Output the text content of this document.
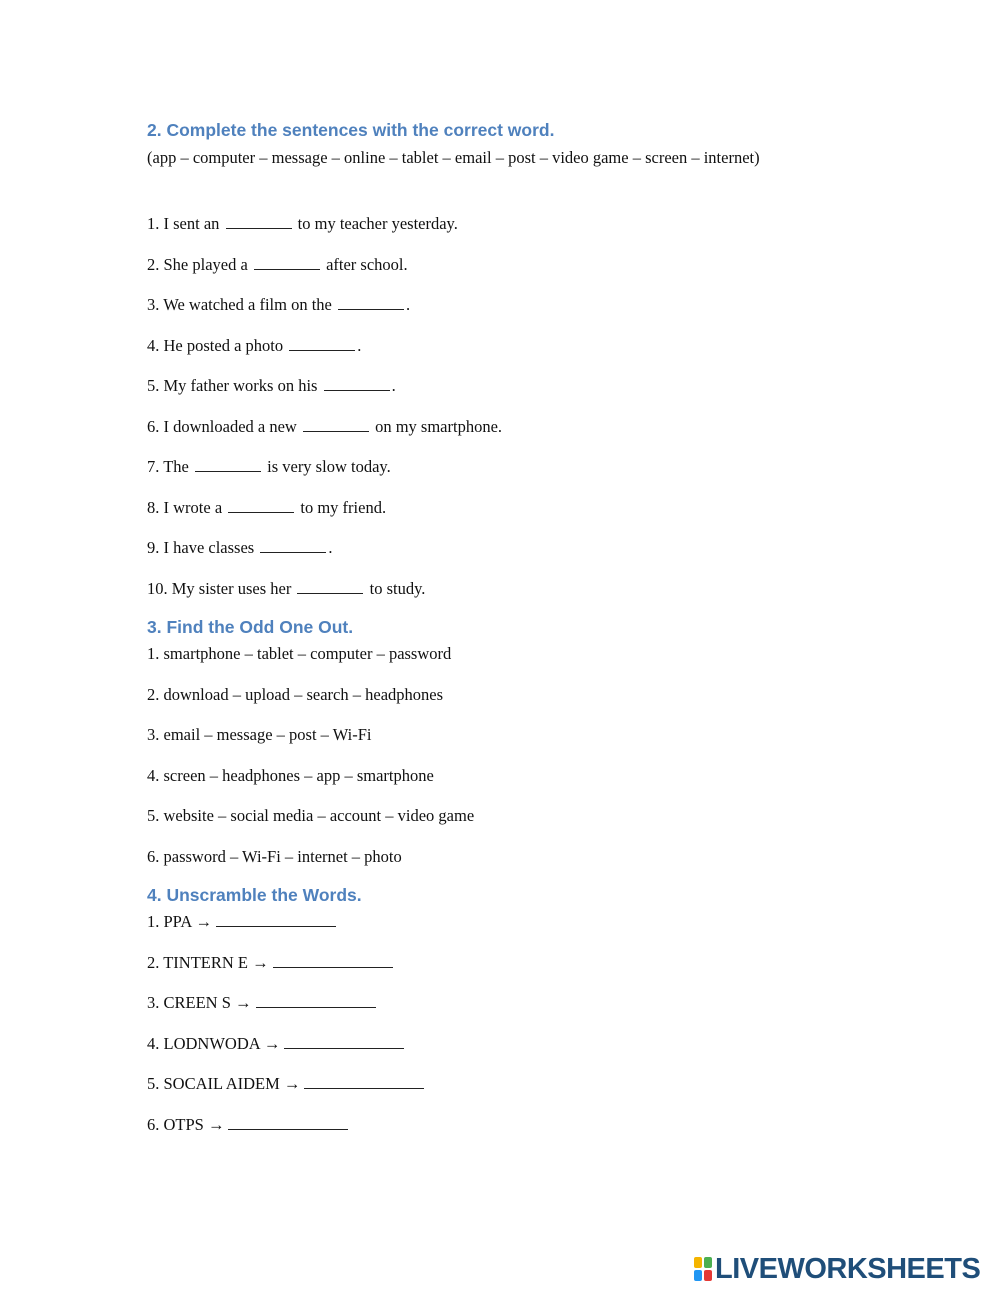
2. Complete the sentences with the correct word.
(app – computer – message – online – tablet – email – post – video game – screen – internet)
1. I sent an	to my teacher yesterday.
2. She played a	after school.
3. We watched a film on the	.
4. He posted a photo	.
5. My father works on his	.
6. I downloaded a new	on my smartphone.
7. The	is very slow today.
8. I wrote a	to my friend.
9. I have classes	.
10. My sister uses her	to study.
3. Find the Odd One Out.
1. smartphone – tablet – computer – password
2. download – upload – search – headphones
3. email – message – post – Wi-Fi
4. screen – headphones – app – smartphone
5. website – social media – account – video game
6. password – Wi-Fi – internet – photo
4. Unscramble the Words.
1. PPA →
2. TINTERN E →
3. CREEN S →
4. LODNWODA →
5. SOCAIL AIDEM →
6. OTPS →
LIVEWORKSHEETS
